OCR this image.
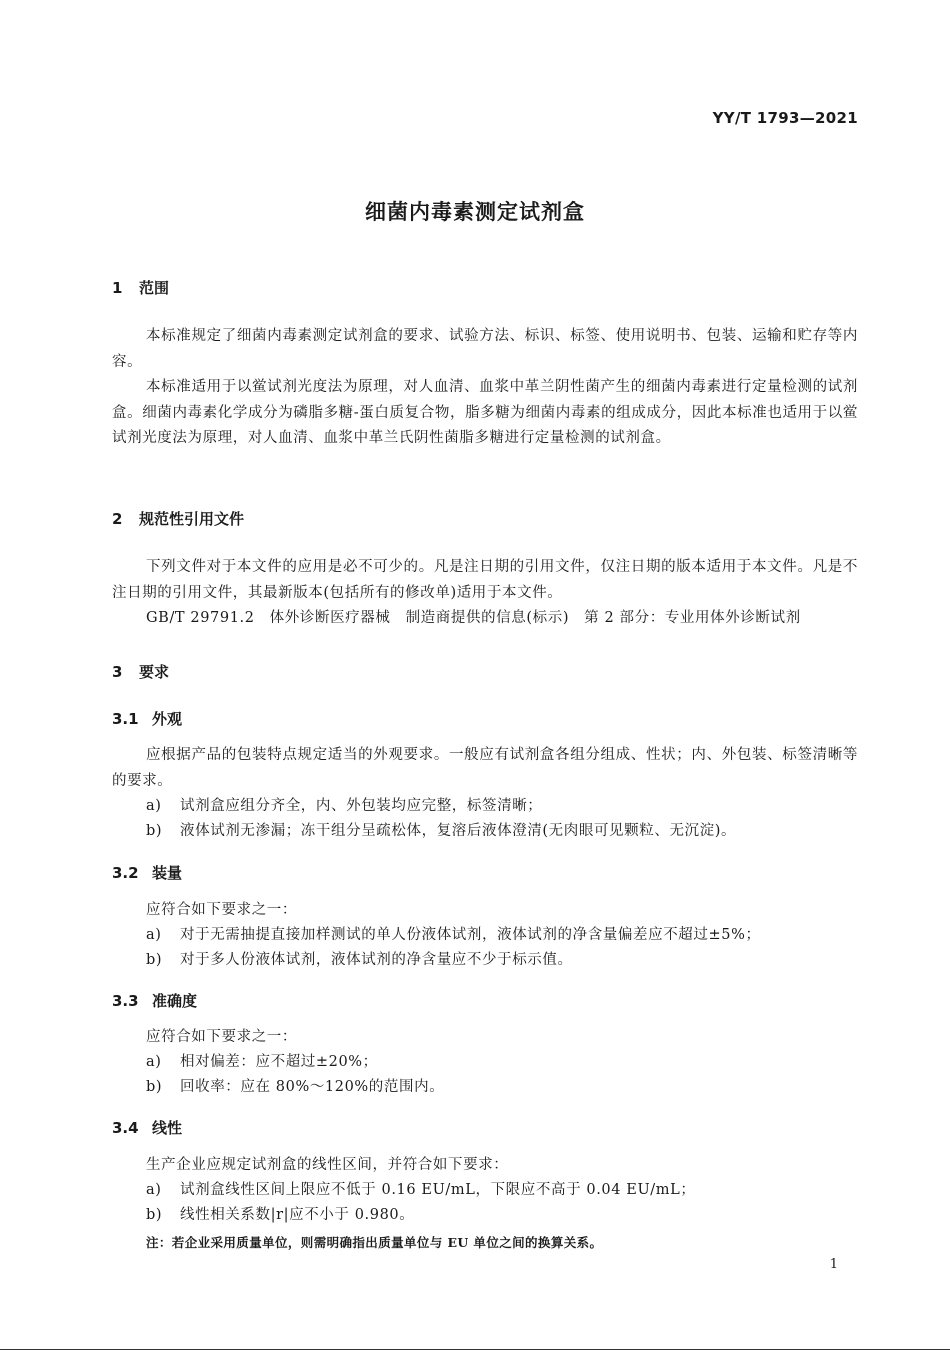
YY/T 1793—2021
细菌内毒素测定试剂盒
1 范围
本标准规定了细菌内毒素测定试剂盒的要求、试验方法、标识、标签、使用说明书、包装、运输和贮存等内容。
本标准适用于以鲎试剂光度法为原理，对人血清、血浆中革兰阴性菌产生的细菌内毒素进行定量检测的试剂盒。细菌内毒素化学成分为磷脂多糖-蛋白质复合物，脂多糖为细菌内毒素的组成成分，因此本标准也适用于以鲎试剂光度法为原理，对人血清、血浆中革兰氏阴性菌脂多糖进行定量检测的试剂盒。
2 规范性引用文件
下列文件对于本文件的应用是必不可少的。凡是注日期的引用文件，仅注日期的版本适用于本文件。凡是不注日期的引用文件，其最新版本(包括所有的修改单)适用于本文件。
GB/T 29791.2　体外诊断医疗器械　制造商提供的信息(标示)　第 2 部分：专业用体外诊断试剂
3 要求
3.1 外观
应根据产品的包装特点规定适当的外观要求。一般应有试剂盒各组分组成、性状；内、外包装、标签清晰等的要求。
a) 试剂盒应组分齐全，内、外包装均应完整，标签清晰；
b) 液体试剂无渗漏；冻干组分呈疏松体，复溶后液体澄清(无肉眼可见颗粒、无沉淀)。
3.2 装量
应符合如下要求之一：
a) 对于无需抽提直接加样测试的单人份液体试剂，液体试剂的净含量偏差应不超过±5%；
b) 对于多人份液体试剂，液体试剂的净含量应不少于标示值。
3.3 准确度
应符合如下要求之一：
a) 相对偏差：应不超过±20%；
b) 回收率：应在 80%～120%的范围内。
3.4 线性
生产企业应规定试剂盒的线性区间，并符合如下要求：
a) 试剂盒线性区间上限应不低于 0.16 EU/mL，下限应不高于 0.04 EU/mL；
b) 线性相关系数|r|应不小于 0.980。
注：若企业采用质量单位，则需明确指出质量单位与 EU 单位之间的换算关系。
1
